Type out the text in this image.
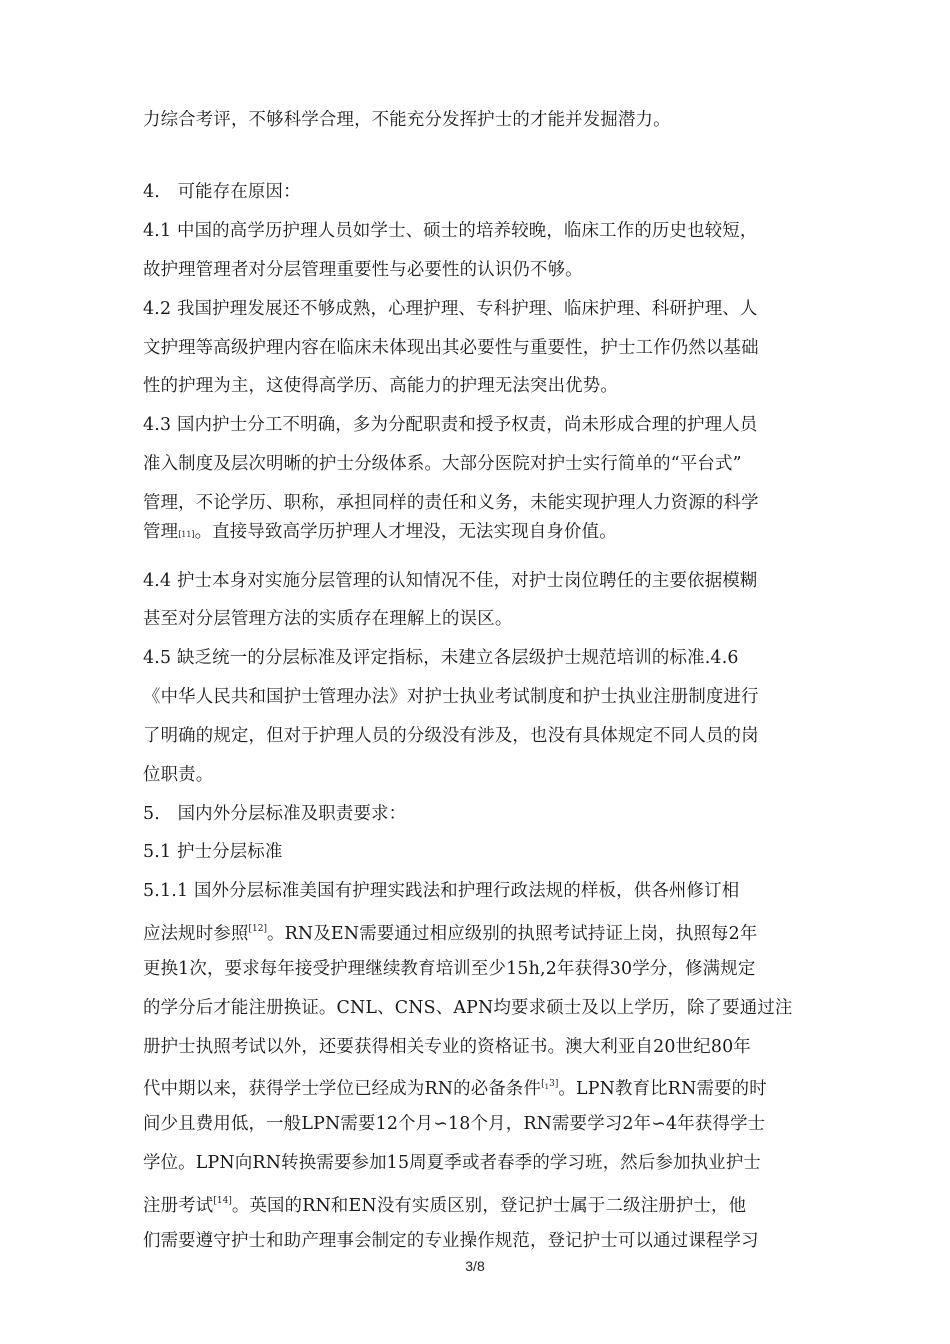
力综合考评，不够科学合理，不能充分发挥护士的才能并发掘潜力。
4.　可能存在原因：
4.1 中国的高学历护理人员如学士、硕士的培养较晚，临床工作的历史也较短，
故护理管理者对分层管理重要性与必要性的认识仍不够。
4.2 我国护理发展还不够成熟，心理护理、专科护理、临床护理、科研护理、人
文护理等高级护理内容在临床未体现出其必要性与重要性，护士工作仍然以基础
性的护理为主，这使得高学历、高能力的护理无法突出优势。
4.3 国内护士分工不明确，多为分配职责和授予权责，尚未形成合理的护理人员
准入制度及层次明晰的护士分级体系。大部分医院对护士实行简单的“平台式”
管理，不论学历、职称，承担同样的责任和义务，未能实现护理人力资源的科学
管理[11]。直接导致高学历护理人才埋没，无法实现自身价值。
4.4 护士本身对实施分层管理的认知情况不佳，对护士岗位聘任的主要依据模糊
甚至对分层管理方法的实质存在理解上的误区。
4.5 缺乏统一的分层标准及评定指标，未建立各层级护士规范培训的标准.4.6
《中华人民共和国护士管理办法》对护士执业考试制度和护士执业注册制度进行
了明确的规定，但对于护理人员的分级没有涉及，也没有具体规定不同人员的岗
位职责。
5.　国内外分层标准及职责要求：
5.1 护士分层标准
5.1.1 国外分层标准美国有护理实践法和护理行政法规的样板，供各州修订相
应法规时参照[12]。RN及EN需要通过相应级别的执照考试持证上岗，执照每2年
更换1次，要求每年接受护理继续教育培训至少15h,2年获得30学分，修满规定
的学分后才能注册换证。CNL、CNS、APN均要求硕士及以上学历，除了要通过注
册护士执照考试以外，还要获得相关专业的资格证书。澳大利亚自20世纪80年
代中期以来，获得学士学位已经成为RN的必备条件[13]。LPN教育比RN需要的时
间少且费用低，一般LPN需要12个月∽18个月，RN需要学习2年∽4年获得学士
学位。LPN向RN转换需要参加15周夏季或者春季的学习班，然后参加执业护士
注册考试[14]。英国的RN和EN没有实质区别，登记护士属于二级注册护士，他
们需要遵守护士和助产理事会制定的专业操作规范，登记护士可以通过课程学习
3/8
